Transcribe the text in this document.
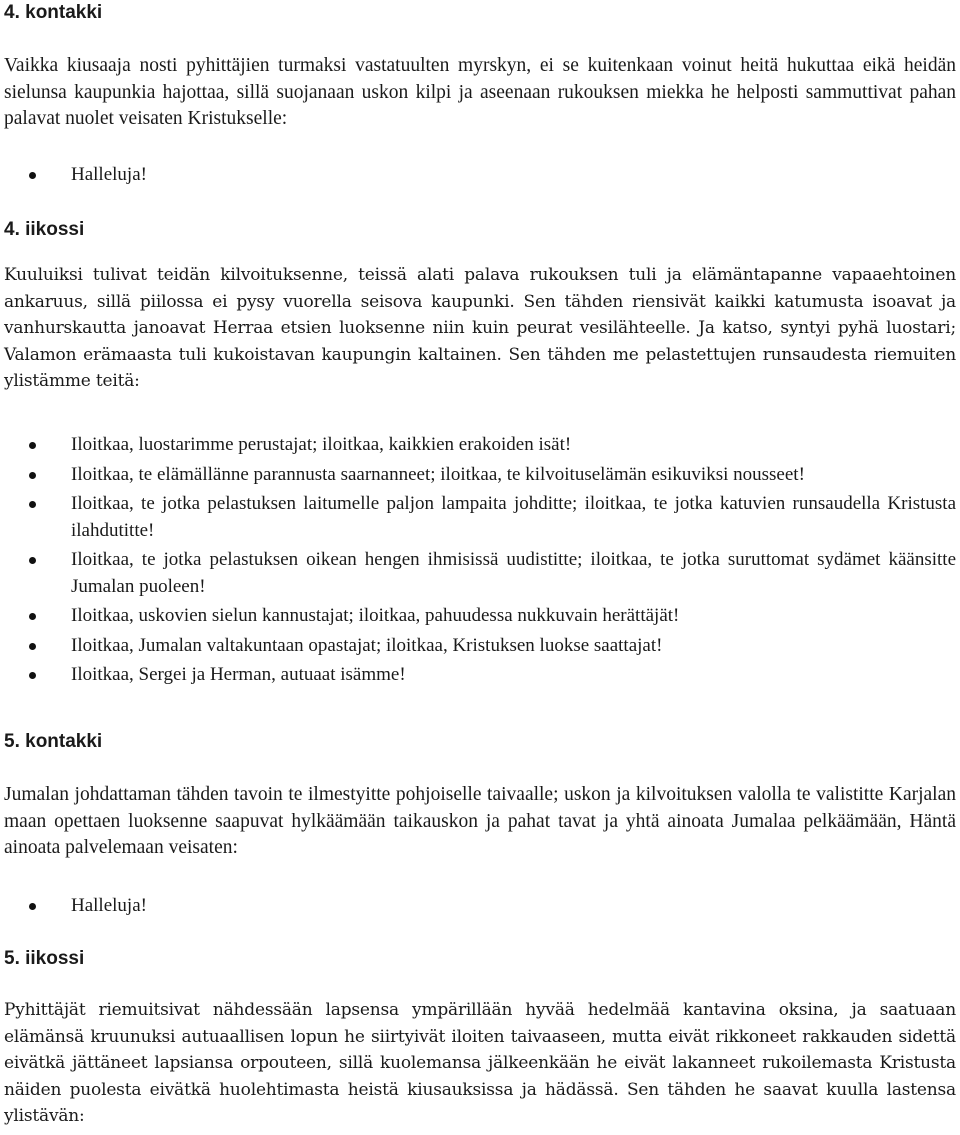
4. kontakki

Vaikka kiusaaja nosti pyhittäjien turmaksi vastatuulten myrskyn, ei se kuitenkaan voinut heitä hukuttaa eikä heidän sielunsa kaupunkia hajottaa, sillä suojanaan uskon kilpi ja aseenaan rukouksen miekka he helposti sammuttivat pahan palavat nuolet veisaten Kristukselle:

Halleluja!
4. iikossi

Kuuluiksi tulivat teidän kilvoituksenne, teissä alati palava rukouksen tuli ja elämäntapanne vapaaehtoinen ankaruus, sillä piilossa ei pysy vuorella seisova kaupunki. Sen tähden riensivät kaikki katumusta isoavat ja vanhurskautta janoavat Herraa etsien luoksenne niin kuin peurat vesilähteelle. Ja katso, syntyi pyhä luostari; Valamon erämaasta tuli kukoistavan kaupungin kaltainen. Sen tähden me pelastettujen runsaudesta riemuiten ylistämme teitä:

Iloitkaa, luostarimme perustajat; iloitkaa, kaikkien erakoiden isät!
Iloitkaa, te elämällänne parannusta saarnanneet; iloitkaa, te kilvoituselämän esikuviksi nousseet!
Iloitkaa, te jotka pelastuksen laitumelle paljon lampaita johditte; iloitkaa, te jotka katuvien runsaudella Kristusta ilahdutitte!
Iloitkaa, te jotka pelastuksen oikean hengen ihmisissä uudistitte; iloitkaa, te jotka suruttomat sydämet käänsitte Jumalan puoleen!
Iloitkaa, uskovien sielun kannustajat; iloitkaa, pahuudessa nukkuvain herättäjät!
Iloitkaa, Jumalan valtakuntaan opastajat; iloitkaa, Kristuksen luokse saattajat!
Iloitkaa, Sergei ja Herman, autuaat isämme!
5. kontakki

Jumalan johdattaman tähden tavoin te ilmestyitte pohjoiselle taivaalle; uskon ja kilvoituksen valolla te valistitte Karjalan maan opettaen luoksenne saapuvat hylkäämään taikauskon ja pahat tavat ja yhtä ainoata Jumalaa pelkäämään, Häntä ainoata palvelemaan veisaten:

Halleluja!
5. iikossi

Pyhittäjät riemuitsivat nähdessään lapsensa ympärillään hyvää hedelmää kantavina oksina, ja saatuaan elämänsä kruunuksi autuaallisen lopun he siirtyivät iloiten taivaaseen, mutta eivät rikkoneet rakkauden sidettä eivätkä jättäneet lapsiansa orpouteen, sillä kuolemansa jälkeenkään he eivät lakanneet rukoilemasta Kristusta näiden puolesta eivätkä huolehtimasta heistä kiusauksissa ja hädässä. Sen tähden he saavat kuulla lastensa ylistävän:
